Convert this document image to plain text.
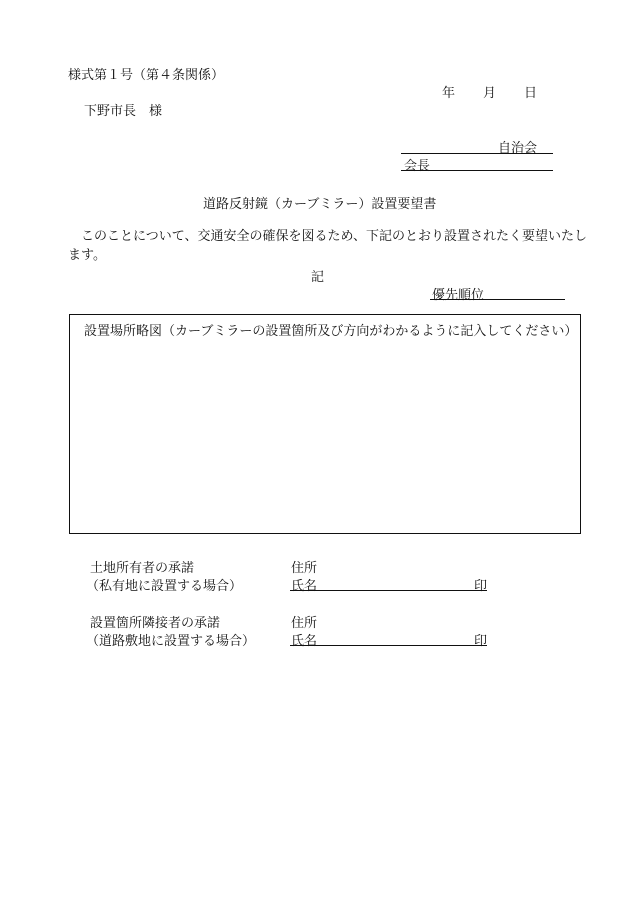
様式第１号（第４条関係）
年 月 日
下野市長　様
自治会
会長
道路反射鏡（カーブミラー）設置要望書
　このことについて、交通安全の確保を図るため、下記のとおり設置されたく要望いたします。
記
優先順位
設置場所略図（カーブミラーの設置箇所及び方向がわかるように記入してください）
土地所有者の承諾
（私有地に設置する場合）
住所
氏名	印
設置箇所隣接者の承諾
（道路敷地に設置する場合）
住所
氏名	印
